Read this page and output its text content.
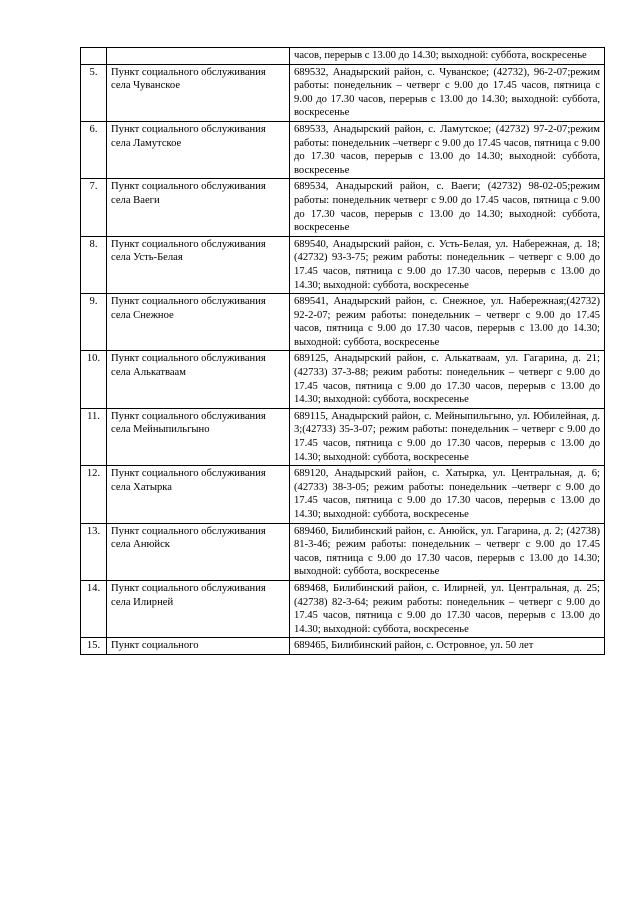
		часов, перерыв с 13.00 до 14.30; выходной: суббота, воскресенье
5.	Пункт социального обслуживания села Чуванское	689532, Анадырский район, с. Чуванское; (42732), 96-2-07;режим работы: понедельник – четверг с 9.00 до 17.45 часов, пятница с 9.00 до 17.30 часов, перерыв с 13.00 до 14.30; выходной: суббота, воскресенье
6.	Пункт социального обслуживания села Ламутское	689533, Анадырский район, с. Ламутское; (42732) 97-2-07;режим работы: понедельник –четверг с 9.00 до 17.45 часов, пятница с 9.00 до 17.30 часов, перерыв с 13.00 до 14.30; выходной: суббота, воскресенье
7.	Пункт социального обслуживания села Ваеги	689534, Анадырский район, с. Ваеги; (42732) 98-02-05;режим работы: понедельник четверг с 9.00 до 17.45 часов, пятница с 9.00 до 17.30 часов, перерыв с 13.00 до 14.30; выходной: суббота, воскресенье
8.	Пункт социального обслуживания села Усть-Белая	689540, Анадырский район, с. Усть-Белая, ул. Набережная, д. 18;(42732) 93-3-75; режим работы: понедельник – четверг с 9.00 до 17.45 часов, пятница с 9.00 до 17.30 часов, перерыв с 13.00 до 14.30; выходной: суббота, воскресенье
9.	Пункт социального обслуживания села Снежное	689541, Анадырский район, с. Снежное, ул. Набережная;(42732) 92-2-07; режим работы: понедельник – четверг с 9.00 до 17.45 часов, пятница с 9.00 до 17.30 часов, перерыв с 13.00 до 14.30; выходной: суббота, воскресенье
10.	Пункт социального обслуживания села Алькатваам	689125, Анадырский район, с. Алькатваам, ул. Гагарина, д. 21;(42733) 37-3-88; режим работы: понедельник – четверг с 9.00 до 17.45 часов, пятница с 9.00 до 17.30 часов, перерыв с 13.00 до 14.30; выходной: суббота, воскресенье
11.	Пункт социального обслуживания села Мейныпильгыно	689115, Анадырский район, с. Мейныпильгыно, ул. Юбилейная, д. 3;(42733) 35-3-07; режим работы: понедельник – четверг с 9.00 до 17.45 часов, пятница с 9.00 до 17.30 часов, перерыв с 13.00 до 14.30; выходной: суббота, воскресенье
12.	Пункт социального обслуживания села Хатырка	689120, Анадырский район, с. Хатырка, ул. Центральная, д. 6; (42733) 38-3-05; режим работы: понедельник –четверг с 9.00 до 17.45 часов, пятница с 9.00 до 17.30 часов, перерыв с 13.00 до 14.30; выходной: суббота, воскресенье
13.	Пункт социального обслуживания села Анюйск	689460, Билибинский район, с. Анюйск, ул. Гагарина, д. 2; (42738) 81-3-46; режим работы: понедельник – четверг с 9.00 до 17.45 часов, пятница с 9.00 до 17.30 часов, перерыв с 13.00 до 14.30; выходной: суббота, воскресенье
14.	Пункт социального обслуживания села Илирней	689468, Билибинский район, с. Илирней, ул. Центральная, д. 25; (42738) 82-3-64; режим работы: понедельник – четверг с 9.00 до 17.45 часов, пятница с 9.00 до 17.30 часов, перерыв с 13.00 до 14.30; выходной: суббота, воскресенье
15.	Пункт социального	689465, Билибинский район, с. Островное, ул. 50 лет
